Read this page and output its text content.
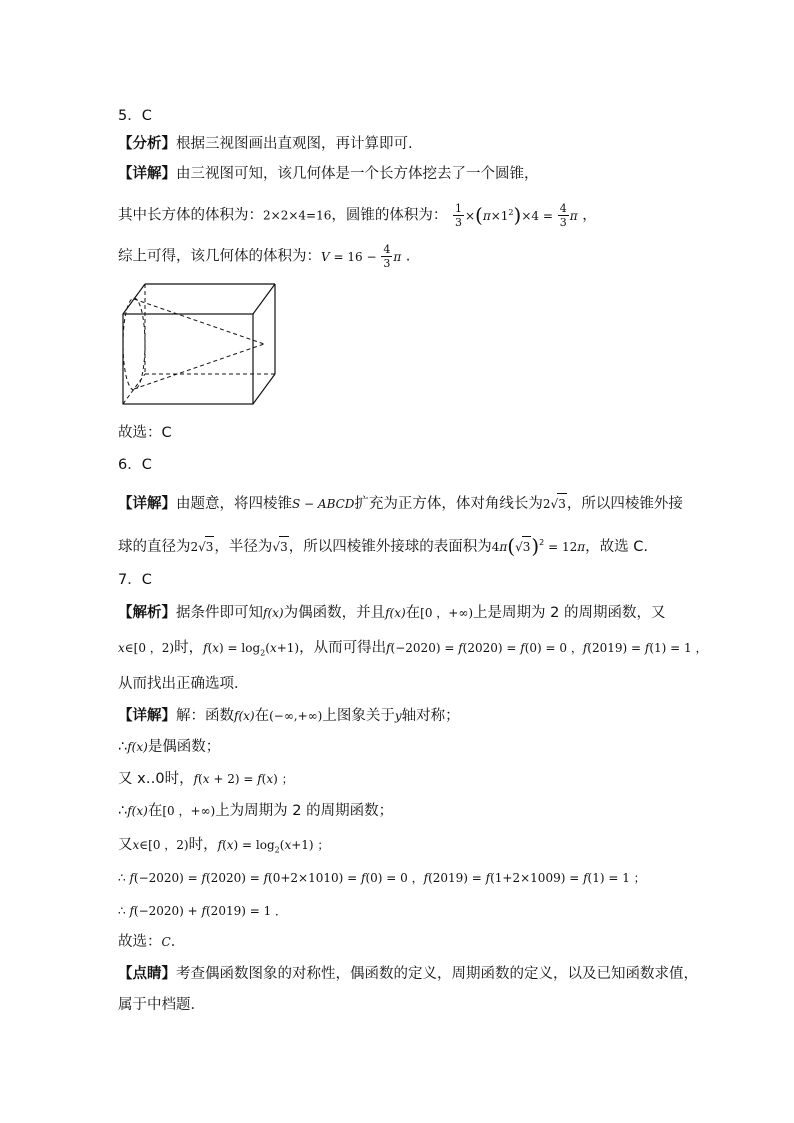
5．C
【分析】根据三视图画出直观图，再计算即可.
【详解】由三视图可知，该几何体是一个长方体挖去了一个圆锥，
其中长方体的体积为：2×2×4=16，圆锥的体积为： $\frac{1}{3} \times(\pi\times 1^2)\times 4 = \frac{4}{3}$ π ，
综上可得，该几何体的体积为：$V = 16 - \frac{4}{3}$ π .
故选：C
6．C
【详解】由题意，将四棱锥S − ABCD扩充为正方体，体对角线长为2√3，所以四棱锥外接
球的直径为2√3，半径为√3，所以四棱锥外接球的表面积为$4\pi(√3)^2 = 12\pi$，故选 C.
7．C
【解析】据条件即可知f(x)为偶函数，并且f(x)在[0 ，+∞)上是周期为 2 的周期函数，又
x∈[0 ，2)时，$f(x) = \log_2(x+1)$，从而可得出f(−2020) = f(2020) = f(0) = 0 ，f(2019) = f(1) = 1 ，
从而找出正确选项．
【详解】解：函数f(x)在(−∞,+∞)上图象关于y轴对称；
∴f(x)是偶函数；
又 x‥0时，f(x + 2) = f(x) ；
∴f(x)在[0 ，+∞)上为周期为 2 的周期函数；
又x∈[0 ，2)时，$f(x) = \log_2(x+1)$ ；
∴ f(−2020) = f(2020) = f(0+2×1010) = f(0) = 0 ，f(2019) = f(1+2×1009) = f(1) = 1 ；
∴ f(−2020) + f(2019) = 1 ．
故选：C．
【点睛】考查偶函数图象的对称性，偶函数的定义，周期函数的定义，以及已知函数求值，
属于中档题．
